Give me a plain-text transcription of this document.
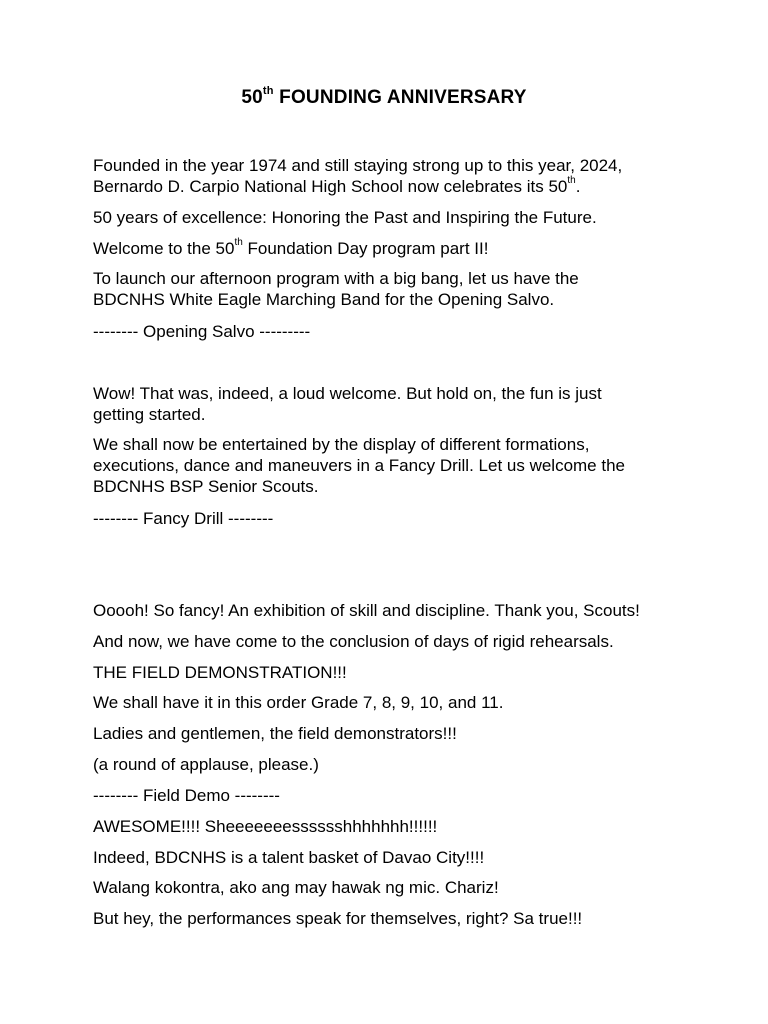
50th FOUNDING ANNIVERSARY
Founded in the year 1974 and still staying strong up to this year, 2024,
Bernardo D. Carpio National High School now celebrates its 50th.
50 years of excellence: Honoring the Past and Inspiring the Future.
Welcome to the 50th Foundation Day program part II!
To launch our afternoon program with a big bang, let us have the
BDCNHS White Eagle Marching Band for the Opening Salvo.
-------- Opening Salvo ---------
Wow! That was, indeed, a loud welcome. But hold on, the fun is just
getting started.
We shall now be entertained by the display of different formations,
executions, dance and maneuvers in a Fancy Drill. Let us welcome the
BDCNHS BSP Senior Scouts.
-------- Fancy Drill --------
Ooooh! So fancy! An exhibition of skill and discipline. Thank you, Scouts!
And now, we have come to the conclusion of days of rigid rehearsals.
THE FIELD DEMONSTRATION!!!
We shall have it in this order Grade 7, 8, 9, 10, and 11.
Ladies and gentlemen, the field demonstrators!!!
(a round of applause, please.)
-------- Field Demo --------
AWESOME!!!! Sheeeeeeesssssshhhhhhh!!!!!!
Indeed, BDCNHS is a talent basket of Davao City!!!!
Walang kokontra, ako ang may hawak ng mic. Chariz!
But hey, the performances speak for themselves, right? Sa true!!!
